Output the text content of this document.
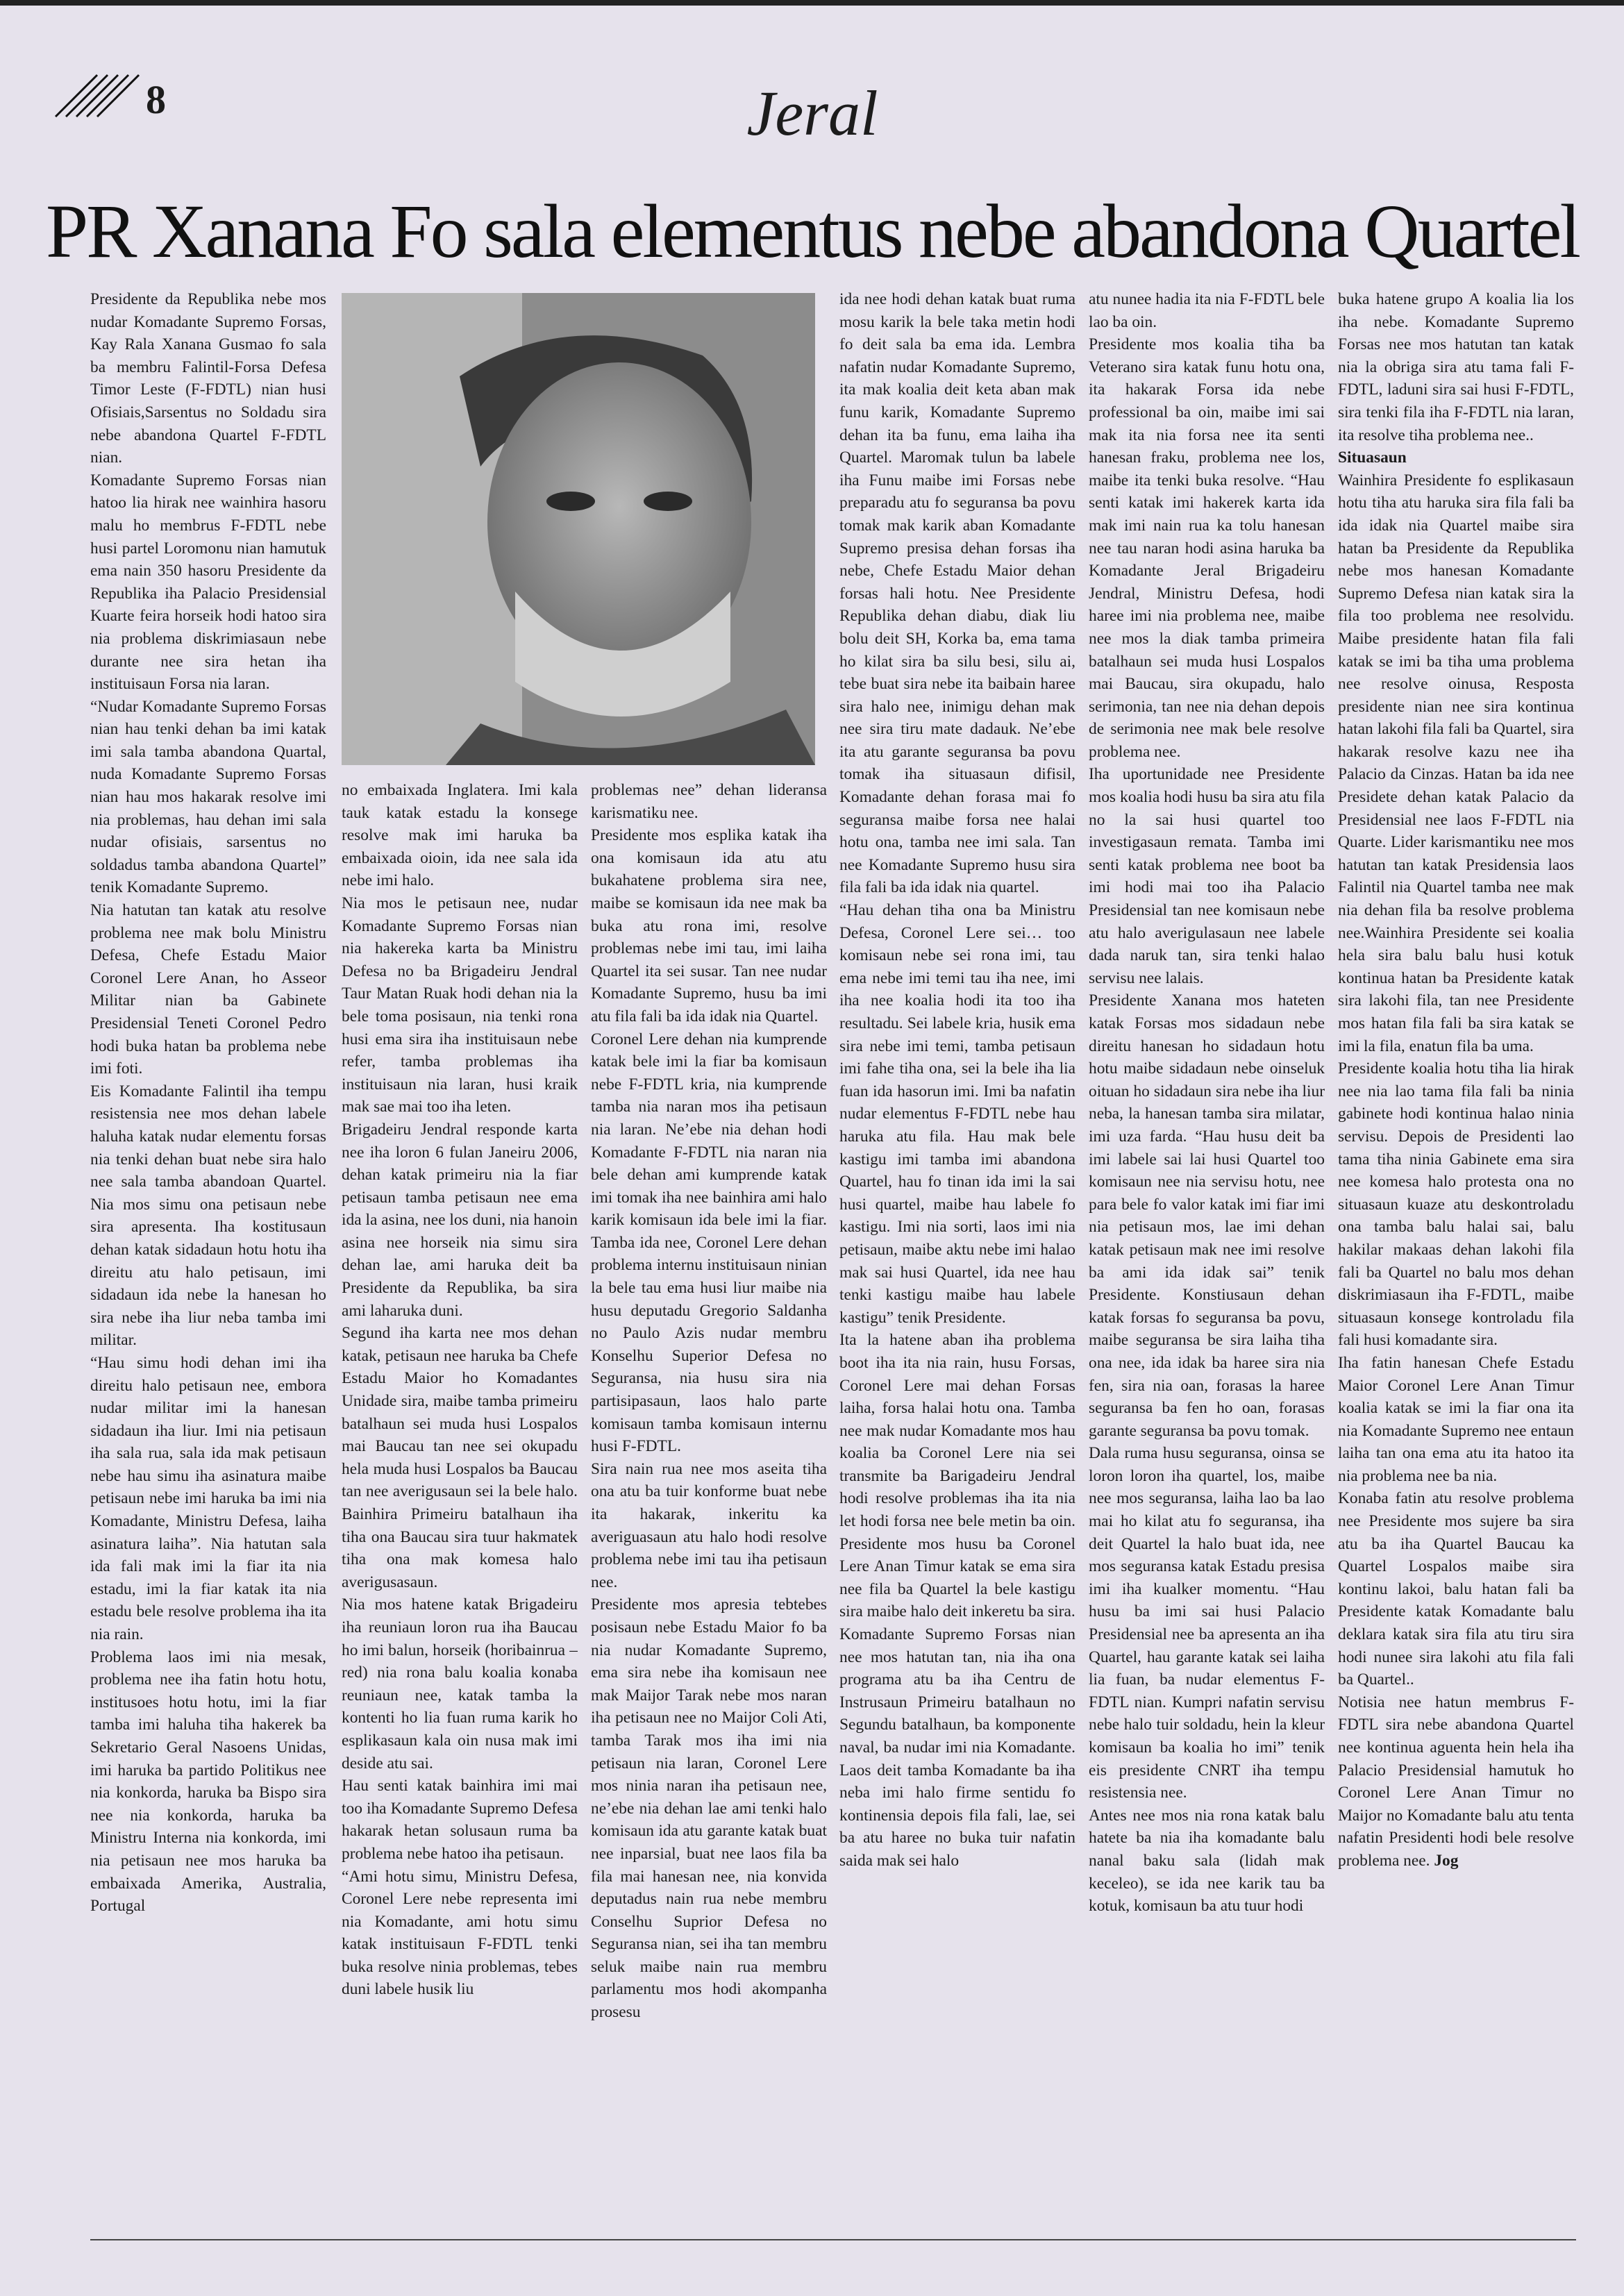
8	Jeral
PR Xanana Fo sala elementus nebe abandona Quartel

Presidente da Republika nebe mos nudar Komadante Supremo Forsas, Kay Rala Xanana Gusmao fo sala ba membru Falintil-Forsa Defesa Timor Leste (F-FDTL) nian husi Ofisiais,Sarsentus no Soldadu sira nebe abandona Quartel F-FDTL nian.

Komadante Supremo Forsas nian hatoo lia hirak nee wainhira hasoru malu ho membrus F-FDTL nebe husi partel Loromonu nian hamutuk ema nain 350 hasoru Presidente da Republika iha Palacio Presidensial Kuarte feira horseik hodi hatoo sira nia problema diskrimiasaun nebe durante nee sira hetan iha instituisaun Forsa nia laran.

“Nudar Komadante Supremo Forsas nian hau tenki dehan ba imi katak imi sala tamba abandona Quartal, nuda Komadante Supremo Forsas nian hau mos hakarak resolve imi nia problemas, hau dehan imi sala nudar ofisiais, sarsentus no soldadus tamba abandona Quartel” tenik Komadante Supremo.

Nia hatutan tan katak atu resolve problema nee mak bolu Ministru Defesa, Chefe Estadu Maior Coronel Lere Anan, ho Asseor Militar nian ba Gabinete Presidensial Teneti Coronel Pedro hodi buka hatan ba problema nebe imi foti.

Eis Komadante Falintil iha tempu resistensia nee mos dehan labele haluha katak nudar elementu forsas nia tenki dehan buat nebe sira halo nee sala tamba abandoan Quartel. Nia mos simu ona petisaun nebe sira apresenta. Iha kostitusaun dehan katak sidadaun hotu hotu iha direitu atu halo petisaun, imi sidadaun ida nebe la hanesan ho sira nebe iha liur neba tamba imi militar.

“Hau simu hodi dehan imi iha direitu halo petisaun nee, embora nudar militar imi la hanesan sidadaun iha liur. Imi nia petisaun iha sala rua, sala ida mak petisaun nebe hau simu iha asinatura maibe petisaun nebe imi haruka ba imi nia Komadante, Ministru Defesa, laiha asinatura laiha”. Nia hatutan sala ida fali mak imi la fiar ita nia estadu, imi la fiar katak ita nia estadu bele resolve problema iha ita nia rain.

Problema laos imi nia mesak, problema nee iha fatin hotu hotu, institusoes hotu hotu, imi la fiar tamba imi haluha tiha hakerek ba Sekretario Geral Nasoens Unidas, imi haruka ba partido Politikus nee nia konkorda, haruka ba Bispo sira nee nia konkorda, haruka ba Ministru Interna nia konkorda, imi nia petisaun nee mos haruka ba embaixada Amerika, Australia, Portugal

no embaixada Inglatera. Imi kala tauk katak estadu la konsege resolve mak imi haruka ba embaixada oioin, ida nee sala ida nebe imi halo.

Nia mos le petisaun nee, nudar Komadante Supremo Forsas nian nia hakereka karta ba Ministru Defesa no ba Brigadeiru Jendral Taur Matan Ruak hodi dehan nia la bele toma posisaun, nia tenki rona husi ema sira iha instituisaun nebe refer, tamba problemas iha instituisaun nia laran, husi kraik mak sae mai too iha leten.

Brigadeiru Jendral responde karta nee iha loron 6 fulan Janeiru 2006, dehan katak primeiru nia la fiar petisaun tamba petisaun nee ema ida la asina, nee los duni, nia hanoin asina nee horseik nia simu sira dehan lae, ami haruka deit ba Presidente da Republika, ba sira ami laharuka duni.

Segund iha karta nee mos dehan katak, petisaun nee haruka ba Chefe Estadu Maior ho Komadantes Unidade sira, maibe tamba primeiru batalhaun sei muda husi Lospalos mai Baucau tan nee sei okupadu hela muda husi Lospalos ba Baucau tan nee averigusaun sei la bele halo. Bainhira Primeiru batalhaun iha tiha ona Baucau sira tuur hakmatek tiha ona mak komesa halo averigusasaun.

Nia mos hatene katak Brigadeiru iha reuniaun loron rua iha Baucau ho imi balun, horseik (horibainrua –red) nia rona balu koalia konaba reuniaun nee, katak tamba la kontenti ho lia fuan ruma karik ho esplikasaun kala oin nusa mak imi deside atu sai.

Hau senti katak bainhira imi mai too iha Komadante Supremo Defesa hakarak hetan solusaun ruma ba problema nebe hatoo iha petisaun.

“Ami hotu simu, Ministru Defesa, Coronel Lere nebe representa imi nia Komadante, ami hotu simu katak instituisaun F-FDTL tenki buka resolve ninia problemas, tebes duni labele husik liu

problemas nee” dehan lideransa karismatiku nee.

Presidente mos esplika katak iha ona komisaun ida atu atu bukahatene problema sira nee, maibe se komisaun ida nee mak ba buka atu rona imi, resolve problemas nebe imi tau, imi laiha Quartel ita sei susar. Tan nee nudar Komadante Supremo, husu ba imi atu fila fali ba ida idak nia Quartel.

Coronel Lere dehan nia kumprende katak bele imi la fiar ba komisaun nebe F-FDTL kria, nia kumprende tamba nia naran mos iha petisaun nia laran. Ne’ebe nia dehan hodi Komadante F-FDTL nia naran nia bele dehan ami kumprende katak imi tomak iha nee bainhira ami halo karik komisaun ida bele imi la fiar. Tamba ida nee, Coronel Lere dehan problema internu instituisaun ninian la bele tau ema husi liur maibe nia husu deputadu Gregorio Saldanha no Paulo Azis nudar membru Konselhu Superior Defesa no Seguransa, nia husu sira nia partisipasaun, laos halo parte komisaun tamba komisaun internu husi F-FDTL.

Sira nain rua nee mos aseita tiha ona atu ba tuir konforme buat nebe ita hakarak, inkeritu ka averiguasaun atu halo hodi resolve problema nebe imi tau iha petisaun nee.

Presidente mos apresia tebtebes posisaun nebe Estadu Maior fo ba nia nudar Komadante Supremo, ema sira nebe iha komisaun nee mak Maijor Tarak nebe mos naran iha petisaun nee no Maijor Coli Ati, tamba Tarak mos iha imi nia petisaun nia laran, Coronel Lere mos ninia naran iha petisaun nee, ne’ebe nia dehan lae ami tenki halo komisaun ida atu garante katak buat nee inparsial, buat nee laos fila ba fila mai hanesan nee, nia konvida deputadus nain rua nebe membru Conselhu Suprior Defesa no Seguransa nian, sei iha tan membru seluk maibe nain rua membru parlamentu mos hodi akompanha prosesu

ida nee hodi dehan katak buat ruma mosu karik la bele taka metin hodi fo deit sala ba ema ida. Lembra nafatin nudar Komadante Supremo, ita mak koalia deit keta aban mak funu karik, Komadante Supremo dehan ita ba funu, ema laiha iha Quartel. Maromak tulun ba labele iha Funu maibe imi Forsas nebe preparadu atu fo seguransa ba povu tomak mak karik aban Komadante Supremo presisa dehan forsas iha nebe, Chefe Estadu Maior dehan forsas hali hotu. Nee Presidente Republika dehan diabu, diak liu bolu deit SH, Korka ba, ema tama ho kilat sira ba silu besi, silu ai, tebe buat sira nebe ita baibain haree sira halo nee, inimigu dehan mak nee sira tiru mate dadauk. Ne’ebe ita atu garante seguransa ba povu tomak iha situasaun difisil, Komadante dehan forasa mai fo seguransa maibe forsa nee halai hotu ona, tamba nee imi sala. Tan nee Komadante Supremo husu sira fila fali ba ida idak nia quartel.

“Hau dehan tiha ona ba Ministru Defesa, Coronel Lere sei… too komisaun nebe sei rona imi, tau ema nebe imi temi tau iha nee, imi iha nee koalia hodi ita too iha resultadu. Sei labele kria, husik ema sira nebe imi temi, tamba petisaun imi fahe tiha ona, sei la bele iha lia fuan ida hasorun imi. Imi ba nafatin nudar elementus F-FDTL nebe hau haruka atu fila. Hau mak bele kastigu imi tamba imi abandona Quartel, hau fo tinan ida imi la sai husi quartel, maibe hau labele fo kastigu. Imi nia sorti, laos imi nia petisaun, maibe aktu nebe imi halao mak sai husi Quartel, ida nee hau tenki kastigu maibe hau labele kastigu” tenik Presidente.

Ita la hatene aban iha problema boot iha ita nia rain, husu Forsas, Coronel Lere mai dehan Forsas laiha, forsa halai hotu ona. Tamba nee mak nudar Komadante mos hau koalia ba Coronel Lere nia sei transmite ba Barigadeiru Jendral hodi resolve problemas iha ita nia let hodi forsa nee bele metin ba oin. Presidente mos husu ba Coronel Lere Anan Timur katak se ema sira nee fila ba Quartel la bele kastigu sira maibe halo deit inkeretu ba sira.

Komadante Supremo Forsas nian nee mos hatutan tan, nia iha ona programa atu ba iha Centru de Instrusaun Primeiru batalhaun no Segundu batalhaun, ba komponente naval, ba nudar imi nia Komadante. Laos deit tamba Komadante ba iha neba imi halo firme sentidu fo kontinensia depois fila fali, lae, sei ba atu haree no buka tuir nafatin saida mak sei halo

atu nunee hadia ita nia F-FDTL bele lao ba oin.

Presidente mos koalia tiha ba Veterano sira katak funu hotu ona, ita hakarak Forsa ida nebe professional ba oin, maibe imi sai mak ita nia forsa nee ita senti hanesan fraku, problema nee los, maibe ita tenki buka resolve. “Hau senti katak imi hakerek karta ida mak imi nain rua ka tolu hanesan nee tau naran hodi asina haruka ba Komadante Jeral Brigadeiru Jendral, Ministru Defesa, hodi haree imi nia problema nee, maibe nee mos la diak tamba primeira batalhaun sei muda husi Lospalos mai Baucau, sira okupadu, halo serimonia, tan nee nia dehan depois de serimonia nee mak bele resolve problema nee.

Iha uportunidade nee Presidente mos koalia hodi husu ba sira atu fila no la sai husi quartel too investigasaun remata. Tamba imi senti katak problema nee boot ba imi hodi mai too iha Palacio Presidensial tan nee komisaun nebe atu halo averigulasaun nee labele dada naruk tan, sira tenki halao servisu nee lalais.

Presidente Xanana mos hateten katak Forsas mos sidadaun nebe direitu hanesan ho sidadaun hotu hotu maibe sidadaun nebe oinseluk oituan ho sidadaun sira nebe iha liur neba, la hanesan tamba sira milatar, imi uza farda. “Hau husu deit ba imi labele sai lai husi Quartel too komisaun nee nia servisu hotu, nee para bele fo valor katak imi fiar imi nia petisaun mos, lae imi dehan katak petisaun mak nee imi resolve ba ami ida idak sai” tenik Presidente. Konstiusaun dehan katak forsas fo seguransa ba povu, maibe seguransa be sira laiha tiha ona nee, ida idak ba haree sira nia fen, sira nia oan, forasas la haree seguransa ba fen ho oan, forasas garante seguransa ba povu tomak.

Dala ruma husu seguransa, oinsa se loron loron iha quartel, los, maibe nee mos seguransa, laiha lao ba lao mai ho kilat atu fo seguransa, iha deit Quartel la halo buat ida, nee mos seguransa katak Estadu presisa imi iha kualker momentu. “Hau husu ba imi sai husi Palacio Presidensial nee ba apresenta an iha Quartel, hau garante katak sei laiha lia fuan, ba nudar elementus F-FDTL nian. Kumpri nafatin servisu nebe halo tuir soldadu, hein la kleur komisaun ba koalia ho imi” tenik eis presidente CNRT iha tempu resistensia nee.

Antes nee mos nia rona katak balu hatete ba nia iha komadante balu nanal baku sala (lidah mak keceleo), se ida nee karik tau ba kotuk, komisaun ba atu tuur hodi

buka hatene grupo A koalia lia los iha nebe. Komadante Supremo Forsas nee mos hatutan tan katak nia la obriga sira atu tama fali F-FDTL, laduni sira sai husi F-FDTL, sira tenki fila iha F-FDTL nia laran, ita resolve tiha problema nee..

Situasaun

Wainhira Presidente fo esplikasaun hotu tiha atu haruka sira fila fali ba ida idak nia Quartel maibe sira hatan ba Presidente da Republika nebe mos hanesan Komadante Supremo Defesa nian katak sira la fila too problema nee resolvidu. Maibe presidente hatan fila fali katak se imi ba tiha uma problema nee resolve oinusa, Resposta presidente nian nee sira kontinua hatan lakohi fila fali ba Quartel, sira hakarak resolve kazu nee iha Palacio da Cinzas. Hatan ba ida nee Presidete dehan katak Palacio da Presidensial nee laos F-FDTL nia Quarte. Lider karismantiku nee mos hatutan tan katak Presidensia laos Falintil nia Quartel tamba nee mak nia dehan fila ba resolve problema nee.Wainhira Presidente sei koalia hela sira balu balu husi kotuk kontinua hatan ba Presidente katak sira lakohi fila, tan nee Presidente mos hatan fila fali ba sira katak se imi la fila, enatun fila ba uma.

Presidente koalia hotu tiha lia hirak nee nia lao tama fila fali ba ninia gabinete hodi kontinua halao ninia servisu. Depois de Presidenti lao tama tiha ninia Gabinete ema sira nee komesa halo protesta ona no situasaun kuaze atu deskontroladu ona tamba balu halai sai, balu hakilar makaas dehan lakohi fila fali ba Quartel no balu mos dehan diskrimiasaun iha F-FDTL, maibe situasaun konsege kontroladu fila fali husi komadante sira.

Iha fatin hanesan Chefe Estadu Maior Coronel Lere Anan Timur koalia katak se imi la fiar ona ita nia Komadante Supremo nee entaun laiha tan ona ema atu ita hatoo ita nia problema nee ba nia.

Konaba fatin atu resolve problema nee Presidente mos sujere ba sira atu ba iha Quartel Baucau ka Quartel Lospalos maibe sira kontinu lakoi, balu hatan fali ba Presidente katak Komadante balu deklara katak sira fila atu tiru sira hodi nunee sira lakohi atu fila fali ba Quartel..

Notisia nee hatun membrus F-FDTL sira nebe abandona Quartel nee kontinua aguenta hein hela iha Palacio Presidensial hamutuk ho Coronel Lere Anan Timur no Maijor no Komadante balu atu tenta nafatin Presidenti hodi bele resolve problema nee. Jog
